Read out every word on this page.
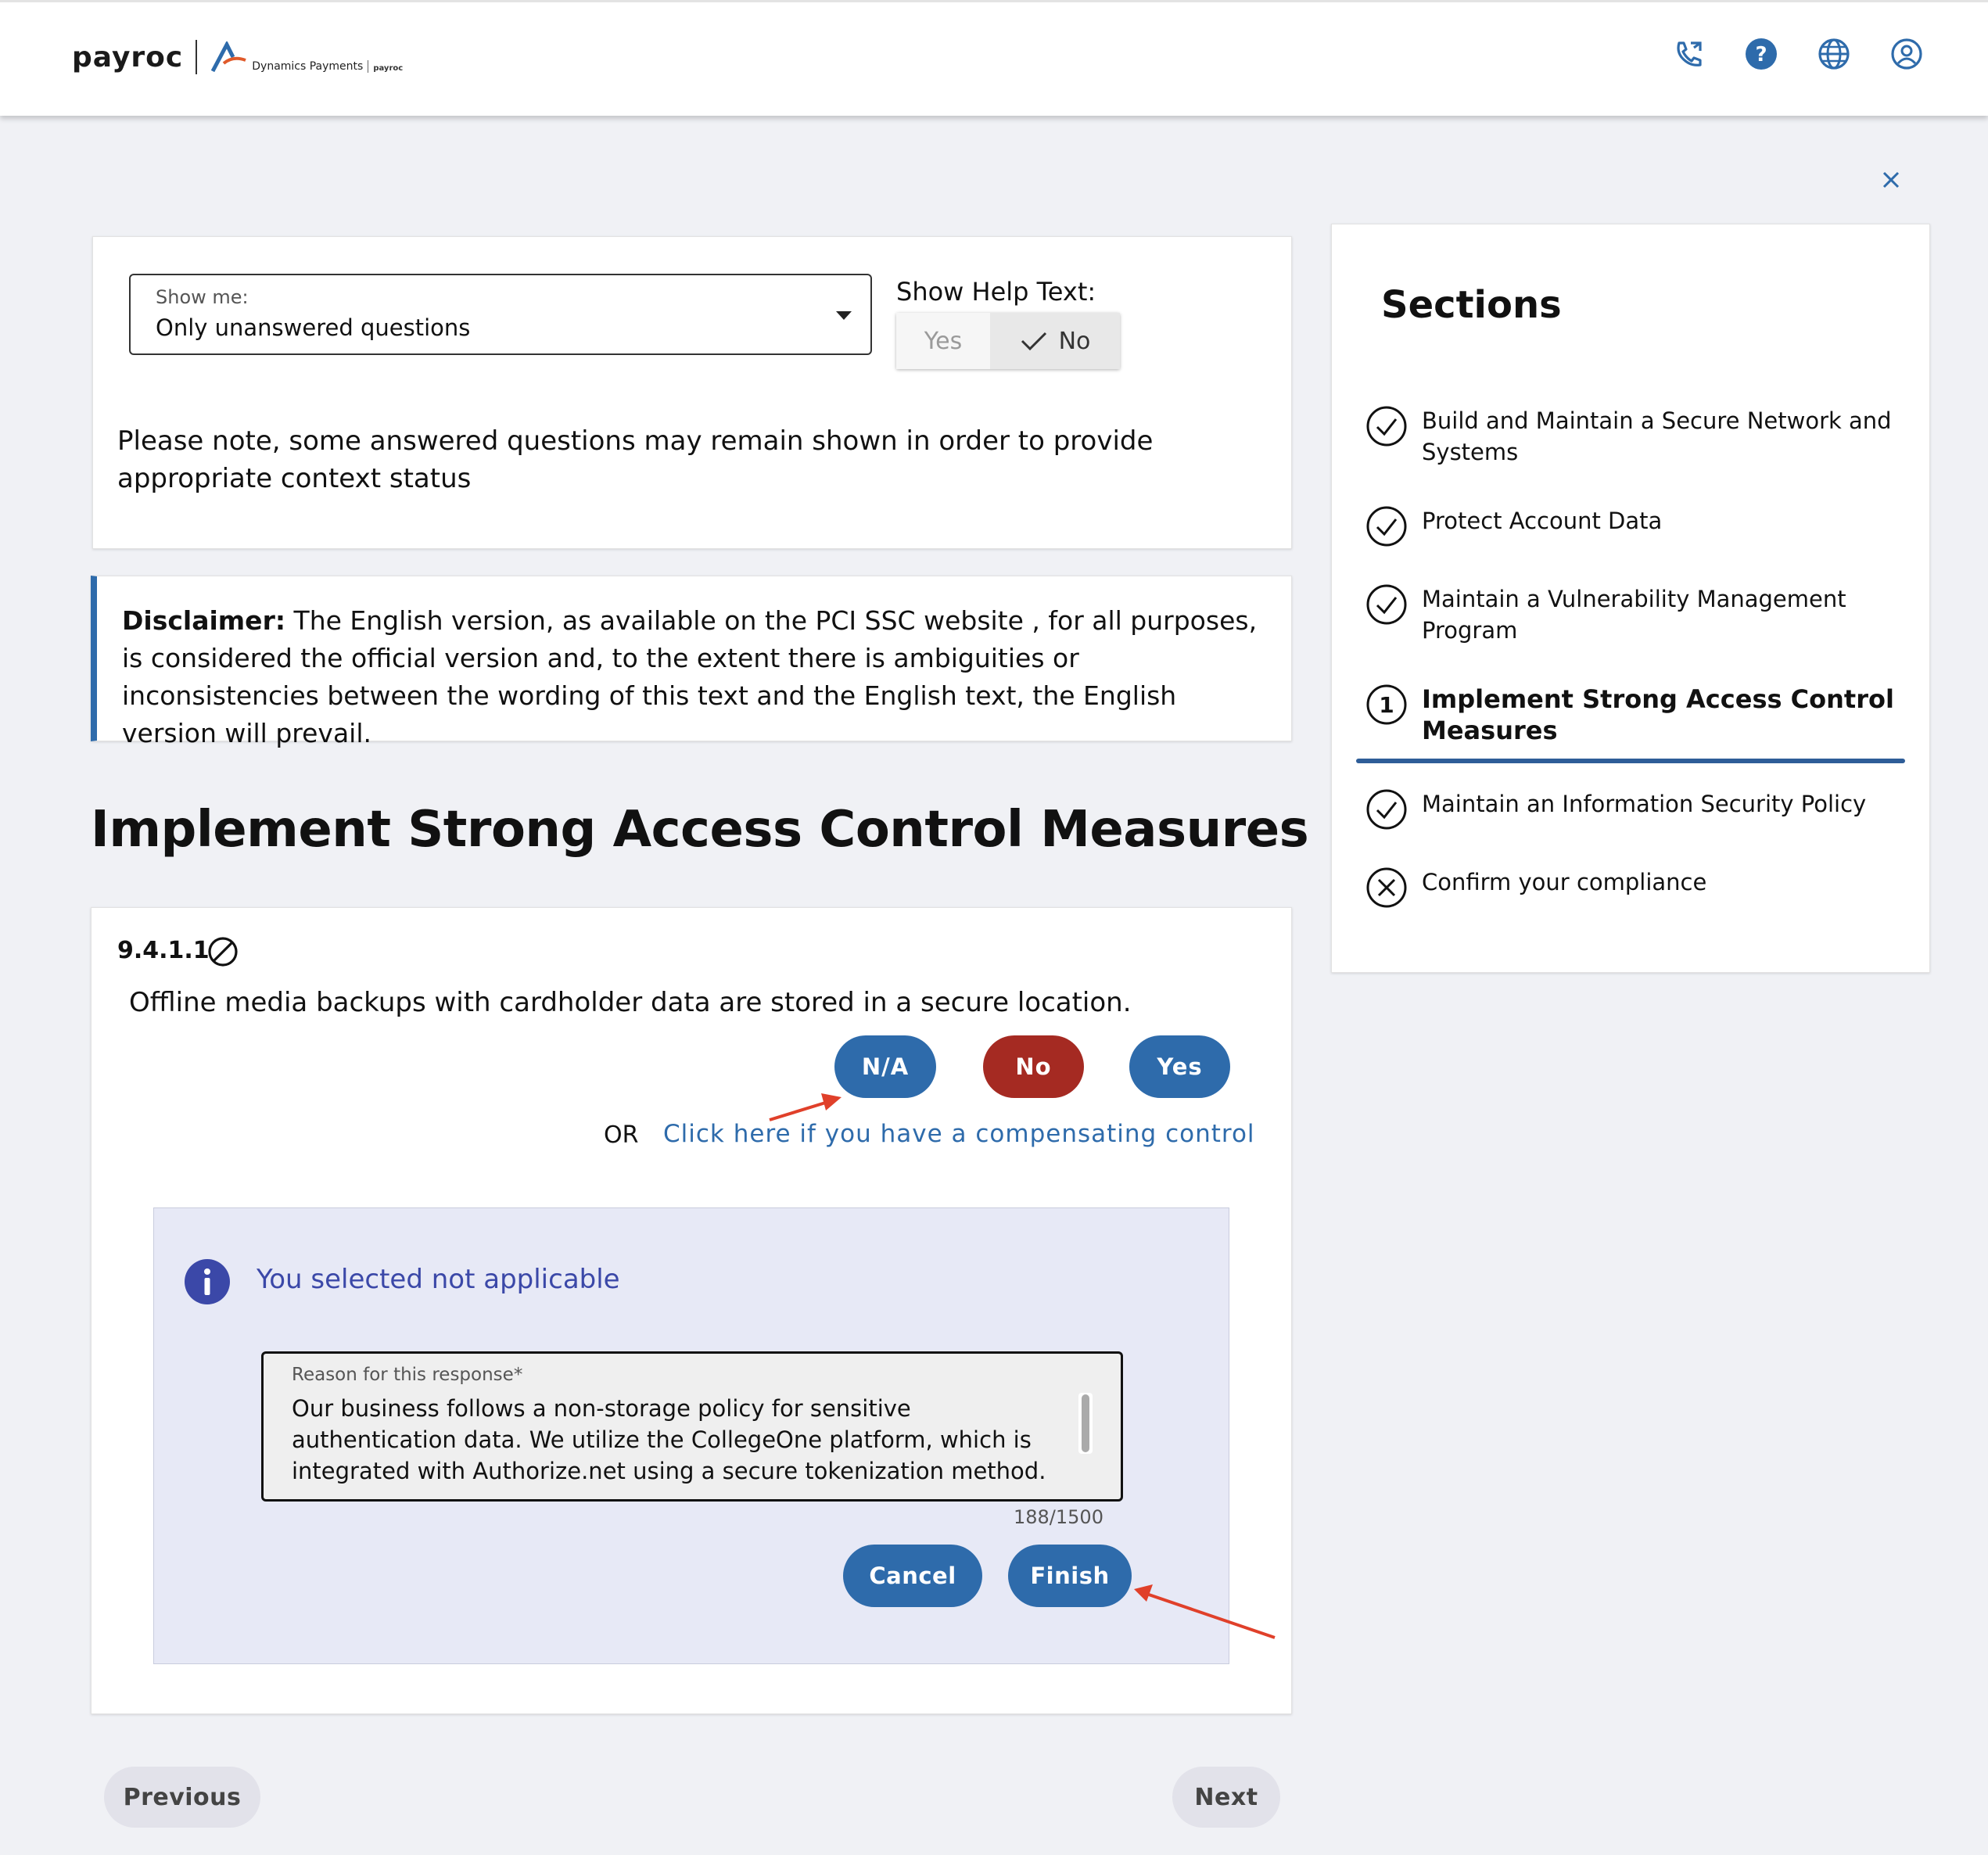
payroc	Dynamics Payments payroc
?
Show me:
Only unanswered questions
Show Help Text:
Yes	No
Please note, some answered questions may remain shown in order to provide appropriate context status
Disclaimer: The English version, as available on the PCI SSC website , for all purposes, is considered the official version and, to the extent there is ambiguities or inconsistencies between the wording of this text and the English text, the English version will prevail.
Implement Strong Access Control Measures
9.4.1.1
Offline media backups with cardholder data are stored in a secure location.
N/A	No	Yes
OR Click here if you have a compensating control
You selected not applicable
Reason for this response*
Our business follows a non-storage policy for sensitive authentication data. We utilize the CollegeOne platform, which is integrated with Authorize.net using a secure tokenization method.
188/1500
Cancel	Finish
Previous	Next
Sections
Build and Maintain a Secure Network and Systems
Protect Account Data
Maintain a Vulnerability Management Program
1 Implement Strong Access Control Measures
Maintain an Information Security Policy
Confirm your compliance
